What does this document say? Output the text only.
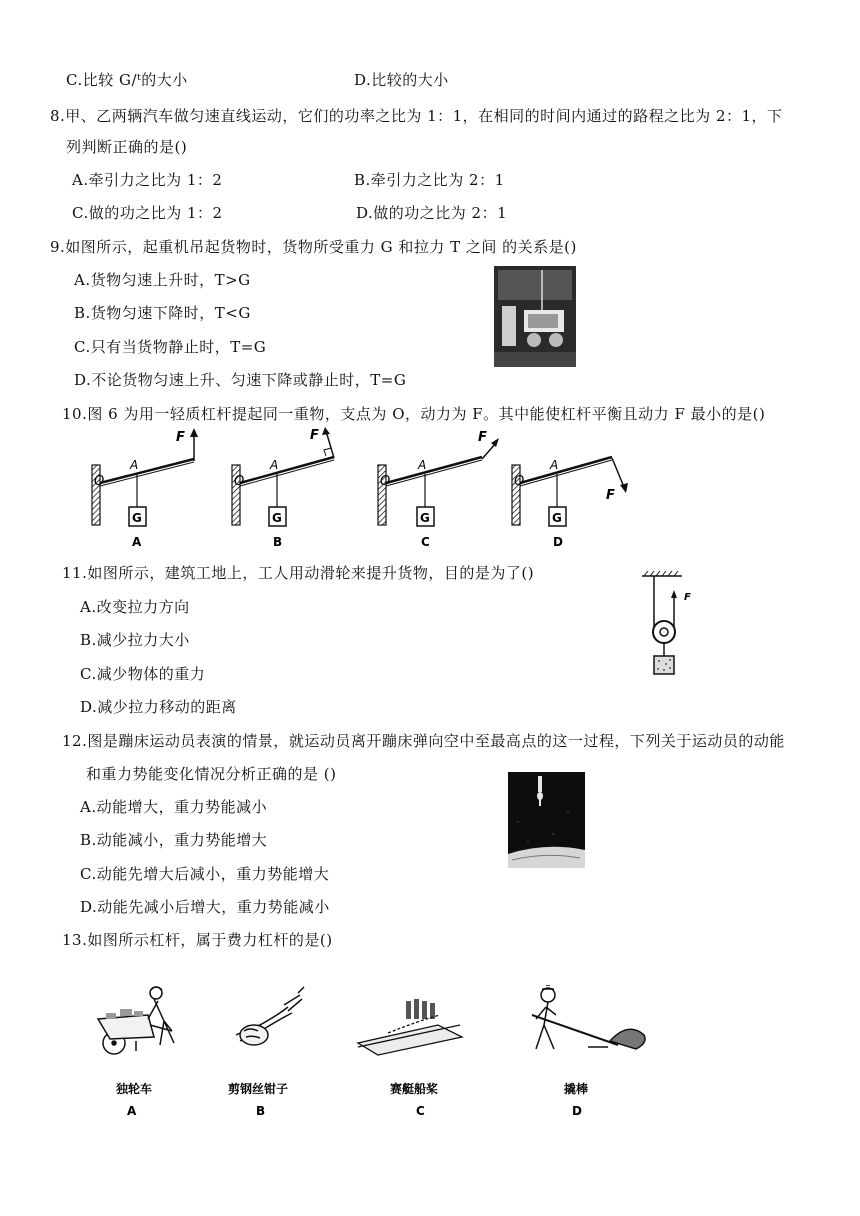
C.比较 G/ᵗ的大小	D.比较的大小
8.甲、乙两辆汽车做匀速直线运动，它们的功率之比为 1：1，在相同的时间内通过的路程之比为 2：1，下
列判断正确的是()
A.牵引力之比为 1：2	B.牵引力之比为 2：1
C.做的功之比为 1：2	D.做的功之比为 2：1
9.如图所示，起重机吊起货物时，货物所受重力 G 和拉力 T 之间 的关系是()
A.货物匀速上升时，T>G
B.货物匀速下降时，T<G
C.只有当货物静止时，T=G
D.不论货物匀速上升、匀速下降或静止时，T=G
10.图 6 为用一轻质杠杆提起同一重物，支点为 O，动力为 F。其中能使杠杆平衡且动力 F 最小的是()
F
O
A
G
A
F
O
A
G
B
F
O
A
G
C
F
O
A
G
D
11.如图所示，建筑工地上，工人用动滑轮来提升货物，目的是为了()
A.改变拉力方向
B.减少拉力大小
C.减少物体的重力
D.减少拉力移动的距离
F
12.图是蹦床运动员表演的情景，就运动员离开蹦床弹向空中至最高点的这一过程，下列关于运动员的动能
和重力势能变化情况分析正确的是 ()
A.动能增大，重力势能减小
B.动能减小，重力势能增大
C.动能先增大后减小，重力势能增大
D.动能先减小后增大，重力势能减小
13.如图所示杠杆，属于费力杠杆的是()
独轮车
A
剪钢丝钳子
B
赛艇船桨
C
撬棒
D
